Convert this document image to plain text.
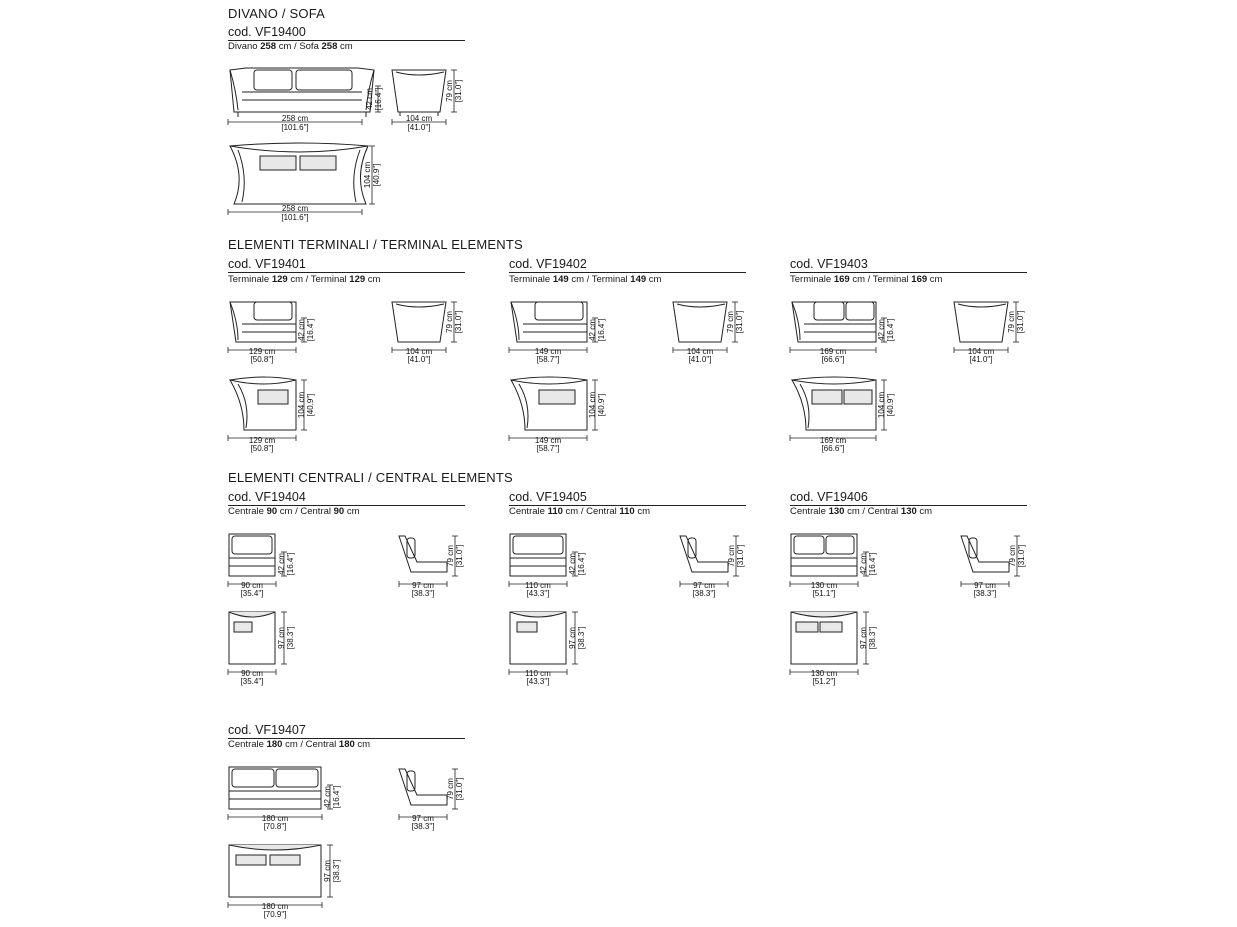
DIVANO / SOFA
ELEMENTI TERMINALI / TERMINAL ELEMENTS
ELEMENTI CENTRALI / CENTRAL ELEMENTS
cod. VF19400
Divano 258 cm / Sofa 258 cm
cod. VF19401
Terminale 129 cm / Terminal 129 cm
cod. VF19402
Terminale 149 cm / Terminal 149 cm
cod. VF19403
Terminale 169 cm / Terminal 169 cm
cod. VF19404
Centrale 90 cm / Central 90 cm
cod. VF19405
Centrale 110 cm / Central 110 cm
cod. VF19406
Centrale 130 cm / Central 130 cm
cod. VF19407
Centrale 180 cm / Central 180 cm
258 cm
[101.6"]
42 cm [16.4"]
104 cm
[41.0"]
79 cm [31.0"]
258 cm
[101.6"]
104 cm [40.9"]
129 cm
[50.8"]
42 cm [16.4"]
104 cm
[41.0"]
79 cm [31.0"]
129 cm
[50.8"]
104 cm [40.9"]
149 cm
[58.7"]
42 cm [16.4"]
104 cm
[41.0"]
79 cm [31.0"]
149 cm
[58.7"]
104 cm [40.9"]
169 cm
[66.6"]
42 cm [16.4"]
104 cm
[41.0"]
79 cm [31.0"]
169 cm
[66.6"]
104 cm [40.9"]
90 cm
[35.4"]
42 cm [16.4"]
97 cm
[38.3"]
79 cm [31.0"]
90 cm
[35.4"]
97 cm [38.3"]
110 cm
[43.3"]
42 cm [16.4"]
97 cm
[38.3"]
79 cm [31.0"]
110 cm
[43.3"]
97 cm [38.3"]
130 cm
[51.1"]
42 cm [16.4"]
97 cm
[38.3"]
79 cm [31.0"]
130 cm
[51.2"]
97 cm [38.3"]
180 cm
[70.8"]
42 cm [16.4"]
97 cm
[38.3"]
79 cm [31.0"]
180 cm
[70.9"]
97 cm [38.3"]
